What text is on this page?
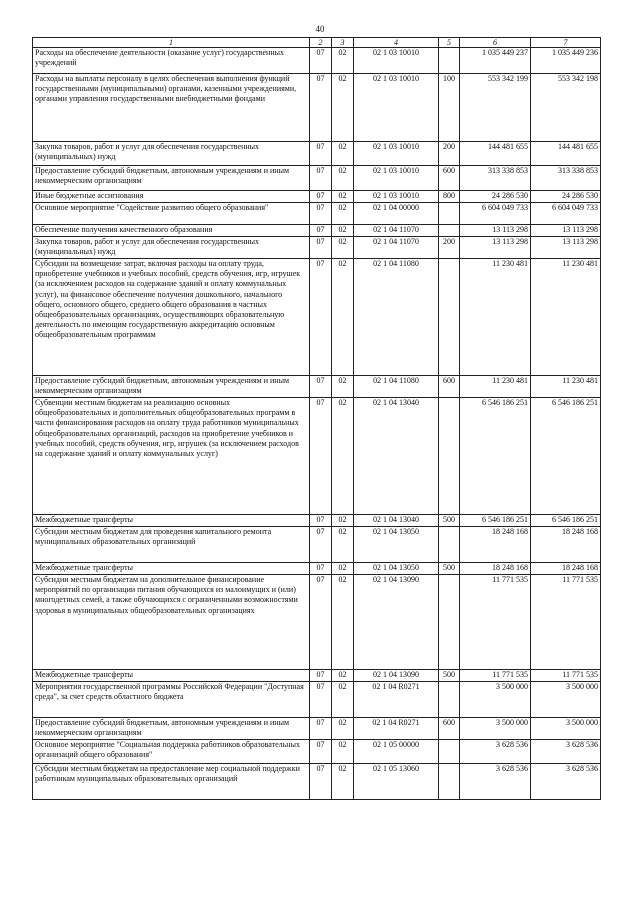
40
1	2	3	4	5	6	7
Расходы на обеспечение деятельности (оказание услуг) государственных учреждений	07	02	02 1 03 10010		1 035 449 237	1 035 449 236
Расходы на выплаты персоналу в целях обеспечения выполнения функций государственными (муниципальными) органами, казенными учреждениями, органами управления государственными внебюджетными фондами	07	02	02 1 03 10010	100	553 342 199	553 342 198
Закупка товаров, работ и услуг для обеспечения государственных (муниципальных) нужд	07	02	02 1 03 10010	200	144 481 655	144 481 655
Предоставление субсидий бюджетным, автономным учреждениям и иным некоммерческим организациям	07	02	02 1 03 10010	600	313 338 853	313 338 853
Иные бюджетные ассигнования	07	02	02 1 03 10010	800	24 286 530	24 286 530
Основное мероприятие "Содействие развитию общего образования"	07	02	02 1 04 00000		6 604 049 733	6 604 049 733
Обеспечение получения качественного образования	07	02	02 1 04 11070		13 113 298	13 113 298
Закупка товаров, работ и услуг для обеспечения государственных (муниципальных) нужд	07	02	02 1 04 11070	200	13 113 298	13 113 298
Субсидии на возмещение затрат, включая расходы на оплату труда, приобретение учебников и учебных пособий, средств обучения, игр, игрушек (за исключением расходов на содержание зданий и оплату коммунальных услуг), на финансовое обеспечение получения дошкольного, начального общего, основного общего, среднего общего образования в частных общеобразовательных организациях, осуществляющих образовательную деятельность по имеющим государственную аккредитацию основным общеобразовательным программам	07	02	02 1 04 11080		11 230 481	11 230 481
Предоставление субсидий бюджетным, автономным учреждениям и иным некоммерческим организациям	07	02	02 1 04 11080	600	11 230 481	11 230 481
Субвенции местным бюджетам на реализацию основных общеобразовательных и дополнительных общеобразовательных программ в части финансирования расходов на оплату труда работников муниципальных общеобразовательных организаций, расходов на приобретение учебников и учебных пособий, средств обучения, игр, игрушек (за исключением расходов на содержание зданий и оплату коммунальных услуг)	07	02	02 1 04 13040		6 546 186 251	6 546 186 251
Межбюджетные трансферты	07	02	02 1 04 13040	500	6 546 186 251	6 546 186 251
Субсидии местным бюджетам для проведения капитального ремонта муниципальных образовательных организаций	07	02	02 1 04 13050		18 248 168	18 248 168
Межбюджетные трансферты	07	02	02 1 04 13050	500	18 248 168	18 248 168
Субсидии местным бюджетам на дополнительное финансирование мероприятий по организации питания обучающихся из малоимущих и (или) многодетных семей, а также обучающихся с ограниченными возможностями здоровья в муниципальных общеобразовательных организациях	07	02	02 1 04 13090		11 771 535	11 771 535
Межбюджетные трансферты	07	02	02 1 04 13090	500	11 771 535	11 771 535
Мероприятия государственной программы Российской Федерации "Доступная среда", за счет средств областного бюджета	07	02	02 1 04 R0271		3 500 000	3 500 000
Предоставление субсидий бюджетным, автономным учреждениям и иным некоммерческим организациям	07	02	02 1 04 R0271	600	3 500 000	3 500 000
Основное мероприятие "Социальная поддержка работников образовательных организаций общего образования"	07	02	02 1 05 00000		3 628 536	3 628 536
Субсидии местным бюджетам на предоставление мер социальной поддержки работникам муниципальных образовательных организаций	07	02	02 1 05 13060		3 628 536	3 628 536
